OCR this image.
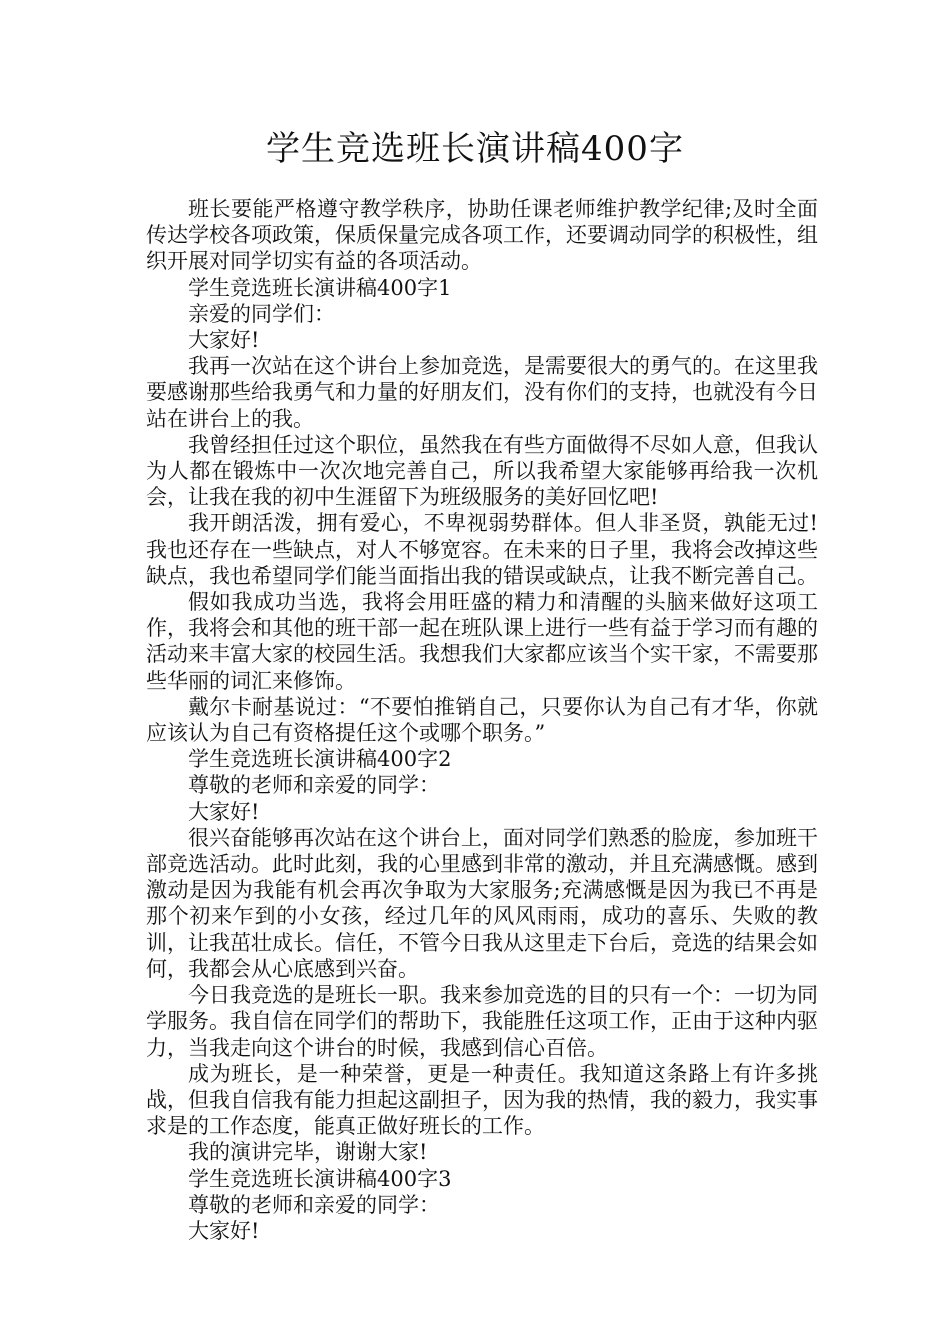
学生竞选班长演讲稿400字

班长要能严格遵守教学秩序，协助任课老师维护教学纪律;及时全面传达学校各项政策，保质保量完成各项工作，还要调动同学的积极性，组织开展对同学切实有益的各项活动。

学生竞选班长演讲稿400字1

亲爱的同学们：

大家好!

我再一次站在这个讲台上参加竞选，是需要很大的勇气的。在这里我要感谢那些给我勇气和力量的好朋友们，没有你们的支持，也就没有今日站在讲台上的我。

我曾经担任过这个职位，虽然我在有些方面做得不尽如人意，但我认为人都在锻炼中一次次地完善自己，所以我希望大家能够再给我一次机会，让我在我的初中生涯留下为班级服务的美好回忆吧!

我开朗活泼，拥有爱心，不卑视弱势群体。但人非圣贤，孰能无过!我也还存在一些缺点，对人不够宽容。在未来的日子里，我将会改掉这些缺点，我也希望同学们能当面指出我的错误或缺点，让我不断完善自己。

假如我成功当选，我将会用旺盛的精力和清醒的头脑来做好这项工作，我将会和其他的班干部一起在班队课上进行一些有益于学习而有趣的活动来丰富大家的校园生活。我想我们大家都应该当个实干家，不需要那些华丽的词汇来修饰。

戴尔卡耐基说过：“不要怕推销自己，只要你认为自己有才华，你就应该认为自己有资格提任这个或哪个职务。”

学生竞选班长演讲稿400字2

尊敬的老师和亲爱的同学：

大家好!

很兴奋能够再次站在这个讲台上，面对同学们熟悉的脸庞，参加班干部竞选活动。此时此刻，我的心里感到非常的激动，并且充满感慨。感到激动是因为我能有机会再次争取为大家服务;充满感慨是因为我已不再是那个初来乍到的小女孩，经过几年的风风雨雨，成功的喜乐、失败的教训，让我茁壮成长。信任，不管今日我从这里走下台后，竞选的结果会如何，我都会从心底感到兴奋。

今日我竞选的是班长一职。我来参加竞选的目的只有一个：一切为同学服务。我自信在同学们的帮助下，我能胜任这项工作，正由于这种内驱力，当我走向这个讲台的时候，我感到信心百倍。

成为班长，是一种荣誉，更是一种责任。我知道这条路上有许多挑战，但我自信我有能力担起这副担子，因为我的热情，我的毅力，我实事求是的工作态度，能真正做好班长的工作。

我的演讲完毕，谢谢大家!

学生竞选班长演讲稿400字3

尊敬的老师和亲爱的同学：

大家好!
